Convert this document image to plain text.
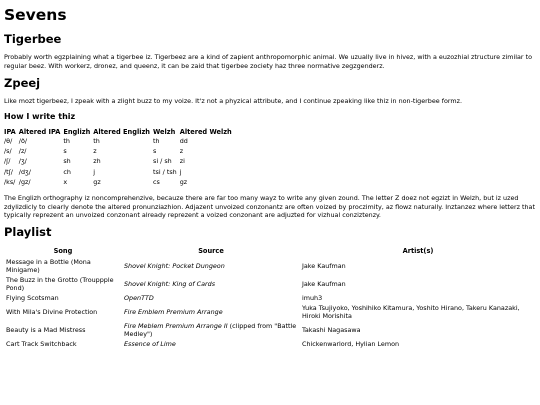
Sevens
Tigerbee

Probably worth egzplaining what a tigerbee iz. Tigerbeez are a kind of zapient anthropomorphic animal. We uzually live in hivez, with a euzozhial ztructure zimilar to regular beez. With workerz, dronez, and queenz, it can be zaid that tigerbee zociety haz three normative zegzgenderz.

Zpeej

Like mozt tigerbeez, I zpeak with a zlight buzz to my voize. It'z not a phyzical attribute, and I continue zpeaking like thiz in non-tigerbee formz.

How I write thiz
IPA	Altered IPA	Englizh	Altered Englizh	Welzh	Altered Welzh
/θ/	/ð/	th	th	th	dd
/s/	/z/	s	z	s	z
/ʃ/	/ʒ/	sh	zh	si / sh	zi
/tʃ/	/dʒ/	ch	j	tsi / tsh	j
/ks/	/gz/	x	gz	cs	gz

The Englizh orthography iz noncomprehenzive, becauze there are far too many wayz to write any given zound. The letter Z doez not egzizt in Welzh, but iz uzed zdylizdicly to clearly denote the altered pronunziazhion. Adjazent unvoized conzonantz are often voized by proczimity, az flowz naturally. Inztanzez where letterz that typically reprezent an unvoized conzonant already reprezent a voized conzonant are adjuzted for vizhual conziztenzy.

Playlist
Song	Source	Artist(s)
Message in a Bottle (Mona Minigame)	Shovel Knight: Pocket Dungeon	Jake Kaufman
The Buzz in the Grotto (Trouppple Pond)	Shovel Knight: King of Cards	Jake Kaufman
Flying Scotsman	OpenTTD	imuh3
With Mila's Divine Protection	Fire Emblem Premium Arrange	Yuka Tsujiyoko, Yoshihiko Kitamura, Yoshito Hirano, Takeru Kanazaki, Hiroki Morishita
Beauty is a Mad Mistress	Fire Meblem Premium Arrange II (clipped from "Battle Medley")	Takashi Nagasawa
Cart Track Switchback	Essence of Lime	Chickenwarlord, Hylian Lemon
